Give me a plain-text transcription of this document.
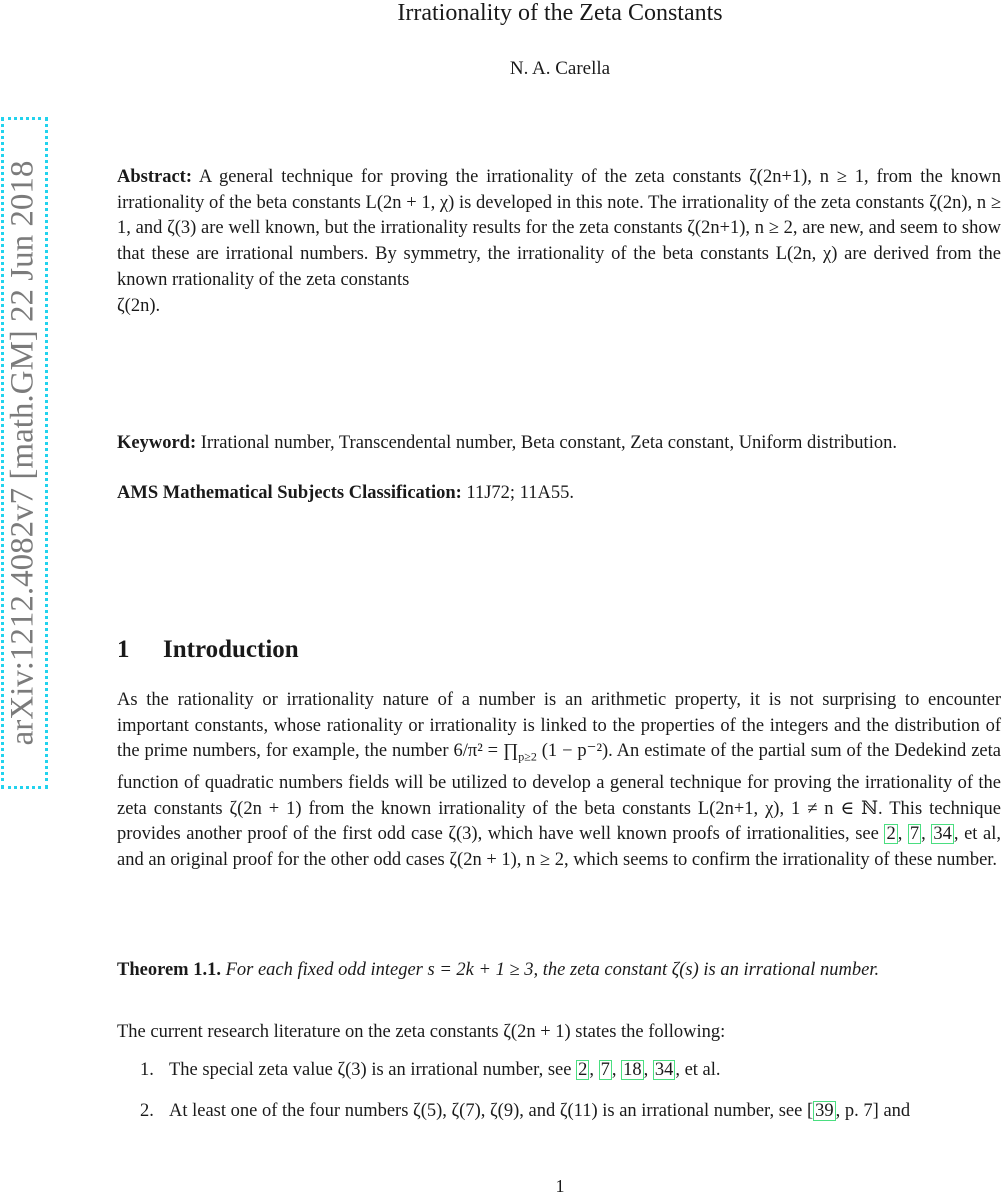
arXiv:1212.4082v7 [math.GM] 22 Jun 2018
Irrationality of the Zeta Constants
N. A. Carella
Abstract: A general technique for proving the irrationality of the zeta constants ζ(2n+1), n ≥ 1, from the known irrationality of the beta constants L(2n + 1, χ) is developed in this note. The irrationality of the zeta constants ζ(2n), n ≥ 1, and ζ(3) are well known, but the irrationality results for the zeta constants ζ(2n+1), n ≥ 2, are new, and seem to show that these are irrational numbers. By symmetry, the irrationality of the beta constants L(2n, χ) are derived from the known rrationality of the zeta constants
ζ(2n).
Keyword: Irrational number, Transcendental number, Beta constant, Zeta constant, Uniform distribution.
AMS Mathematical Subjects Classification: 11J72; 11A55.
1 Introduction
As the rationality or irrationality nature of a number is an arithmetic property, it is not surprising to encounter important constants, whose rationality or irrationality is linked to the properties of the integers and the distribution of the prime numbers, for example, the number $6/\pi^2 = \prod_{p\ge 2}$ (1 − p⁻²). An estimate of the partial sum of the Dedekind zeta function of quadratic numbers fields will be utilized to develop a general technique for proving the irrationality of the zeta constants ζ(2n + 1) from the known irrationality of the beta constants L(2n+1, χ), 1 ≠ n ∈ ℕ. This technique provides another proof of the first odd case ζ(3), which have well known proofs of irrationalities, see 2 , 7 , 34 , et al, and an original proof for the other odd cases ζ(2n + 1), n ≥ 2, which seems to confirm the irrationality of these number.
Theorem 1.1. For each fixed odd integer s = 2k + 1 ≥ 3, the zeta constant ζ(s) is an irrational number.
The current research literature on the zeta constants ζ(2n + 1) states the following:
1. The special zeta value ζ(3) is an irrational number, see 2 , 7 , 18 , 34 , et al.
2. At least one of the four numbers ζ(5), ζ(7), ζ(9), and ζ(11) is an irrational number, see [ 39 , p. 7] and
1
